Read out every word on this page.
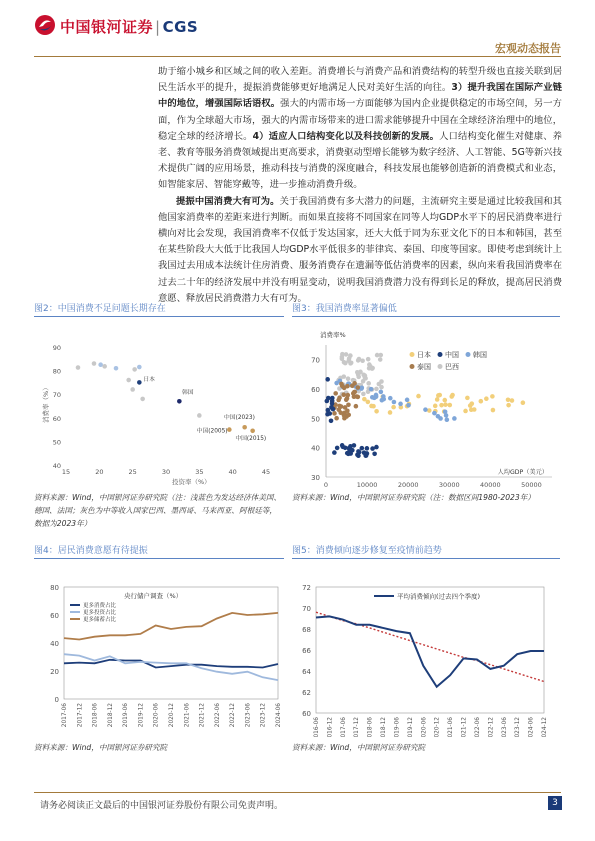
中国银河证券 | CGS
宏观动态报告

助于缩小城乡和区域之间的收入差距。消费增长与消费产品和消费结构的转型升级也直接关联到居民生活水平的提升，提振消费能够更好地满足人民对美好生活的向往。3）提升我国在国际产业链中的地位，增强国际话语权。强大的内需市场一方面能够为国内企业提供稳定的市场空间，另一方面，作为全球超大市场，强大的内需市场带来的进口需求能够提升中国在全球经济治理中的地位，稳定全球的经济增长。4）适应人口结构变化以及科技创新的发展。人口结构变化催生对健康、养老、教育等服务消费领域提出更高要求，消费驱动型增长能够为数字经济、人工智能、5G等新兴技术提供广阔的应用场景，推动科技与消费的深度融合，科技发展也能够创造新的消费模式和业态，如智能家居、智能穿戴等，进一步推动消费升级。

提振中国消费大有可为。关于我国消费有多大潜力的问题，主流研究主要是通过比较我国和其他国家消费率的差距来进行判断。而如果直接将不同国家在同等人均GDP水平下的居民消费率进行横向对比会发现，我国消费率不仅低于发达国家，还大大低于同为东亚文化下的日本和韩国，甚至在某些阶段大大低于比我国人均GDP水平低很多的菲律宾、泰国、印度等国家。即使考虑到统计上我国过去用成本法统计住房消费、服务消费存在遗漏等低估消费率的因素，纵向来看我国消费率在过去二十年的经济发展中并没有明显变动，说明我国消费潜力没有得到长足的释放，提高居民消费意愿、释放居民消费潜力大有可为。

图2：中国消费不足问题长期存在
40
50
60
70
80
90
15	20	25	30	35	40	45
投资率（%）
消费率（%）
日本
韩国
中国(2023)
中国(2005)
中国(2015)
资料来源：Wind，中国银河证券研究院（注：浅蓝色为发达经济体美国、德国、法国；灰色为中等收入国家巴西、墨西哥、马来西亚、阿根廷等，数据为2023年）
图3：我国消费率显著偏低
30
40
50
60
70
0	10000	20000	30000	40000	50000
消费率%
人均GDP（美元）
日本 中国 韩国
泰国 巴西
资料来源：Wind，中国银河证券研究院（注：数据区间1980-2023年）
图4：居民消费意愿有待提振
0
20
40
60
80
2017-06 2017-12 2018-06 2018-12 2019-06 2019-12 2020-06 2020-12 2021-06 2021-12 2022-06 2022-12 2023-06 2023-12 2024-06
央行储户调查（%）
更多消费占比
更多投资占比
更多储蓄占比
资料来源：Wind，中国银河证券研究院
图5：消费倾向逐步修复至疫情前趋势
60
62
64
66
68
70
72
2016-06 2016-12 2017-06 2017-12 2018-06 2018-12 2019-06 2019-12 2020-06 2020-12 2021-06 2021-12 2022-06 2022-12 2023-06 2023-12 2024-06 2024-12
平均消费倾向(过去四个季度)
资料来源：Wind，中国银河证券研究院
请务必阅读正文最后的中国银河证券股份有限公司免责声明。	3
